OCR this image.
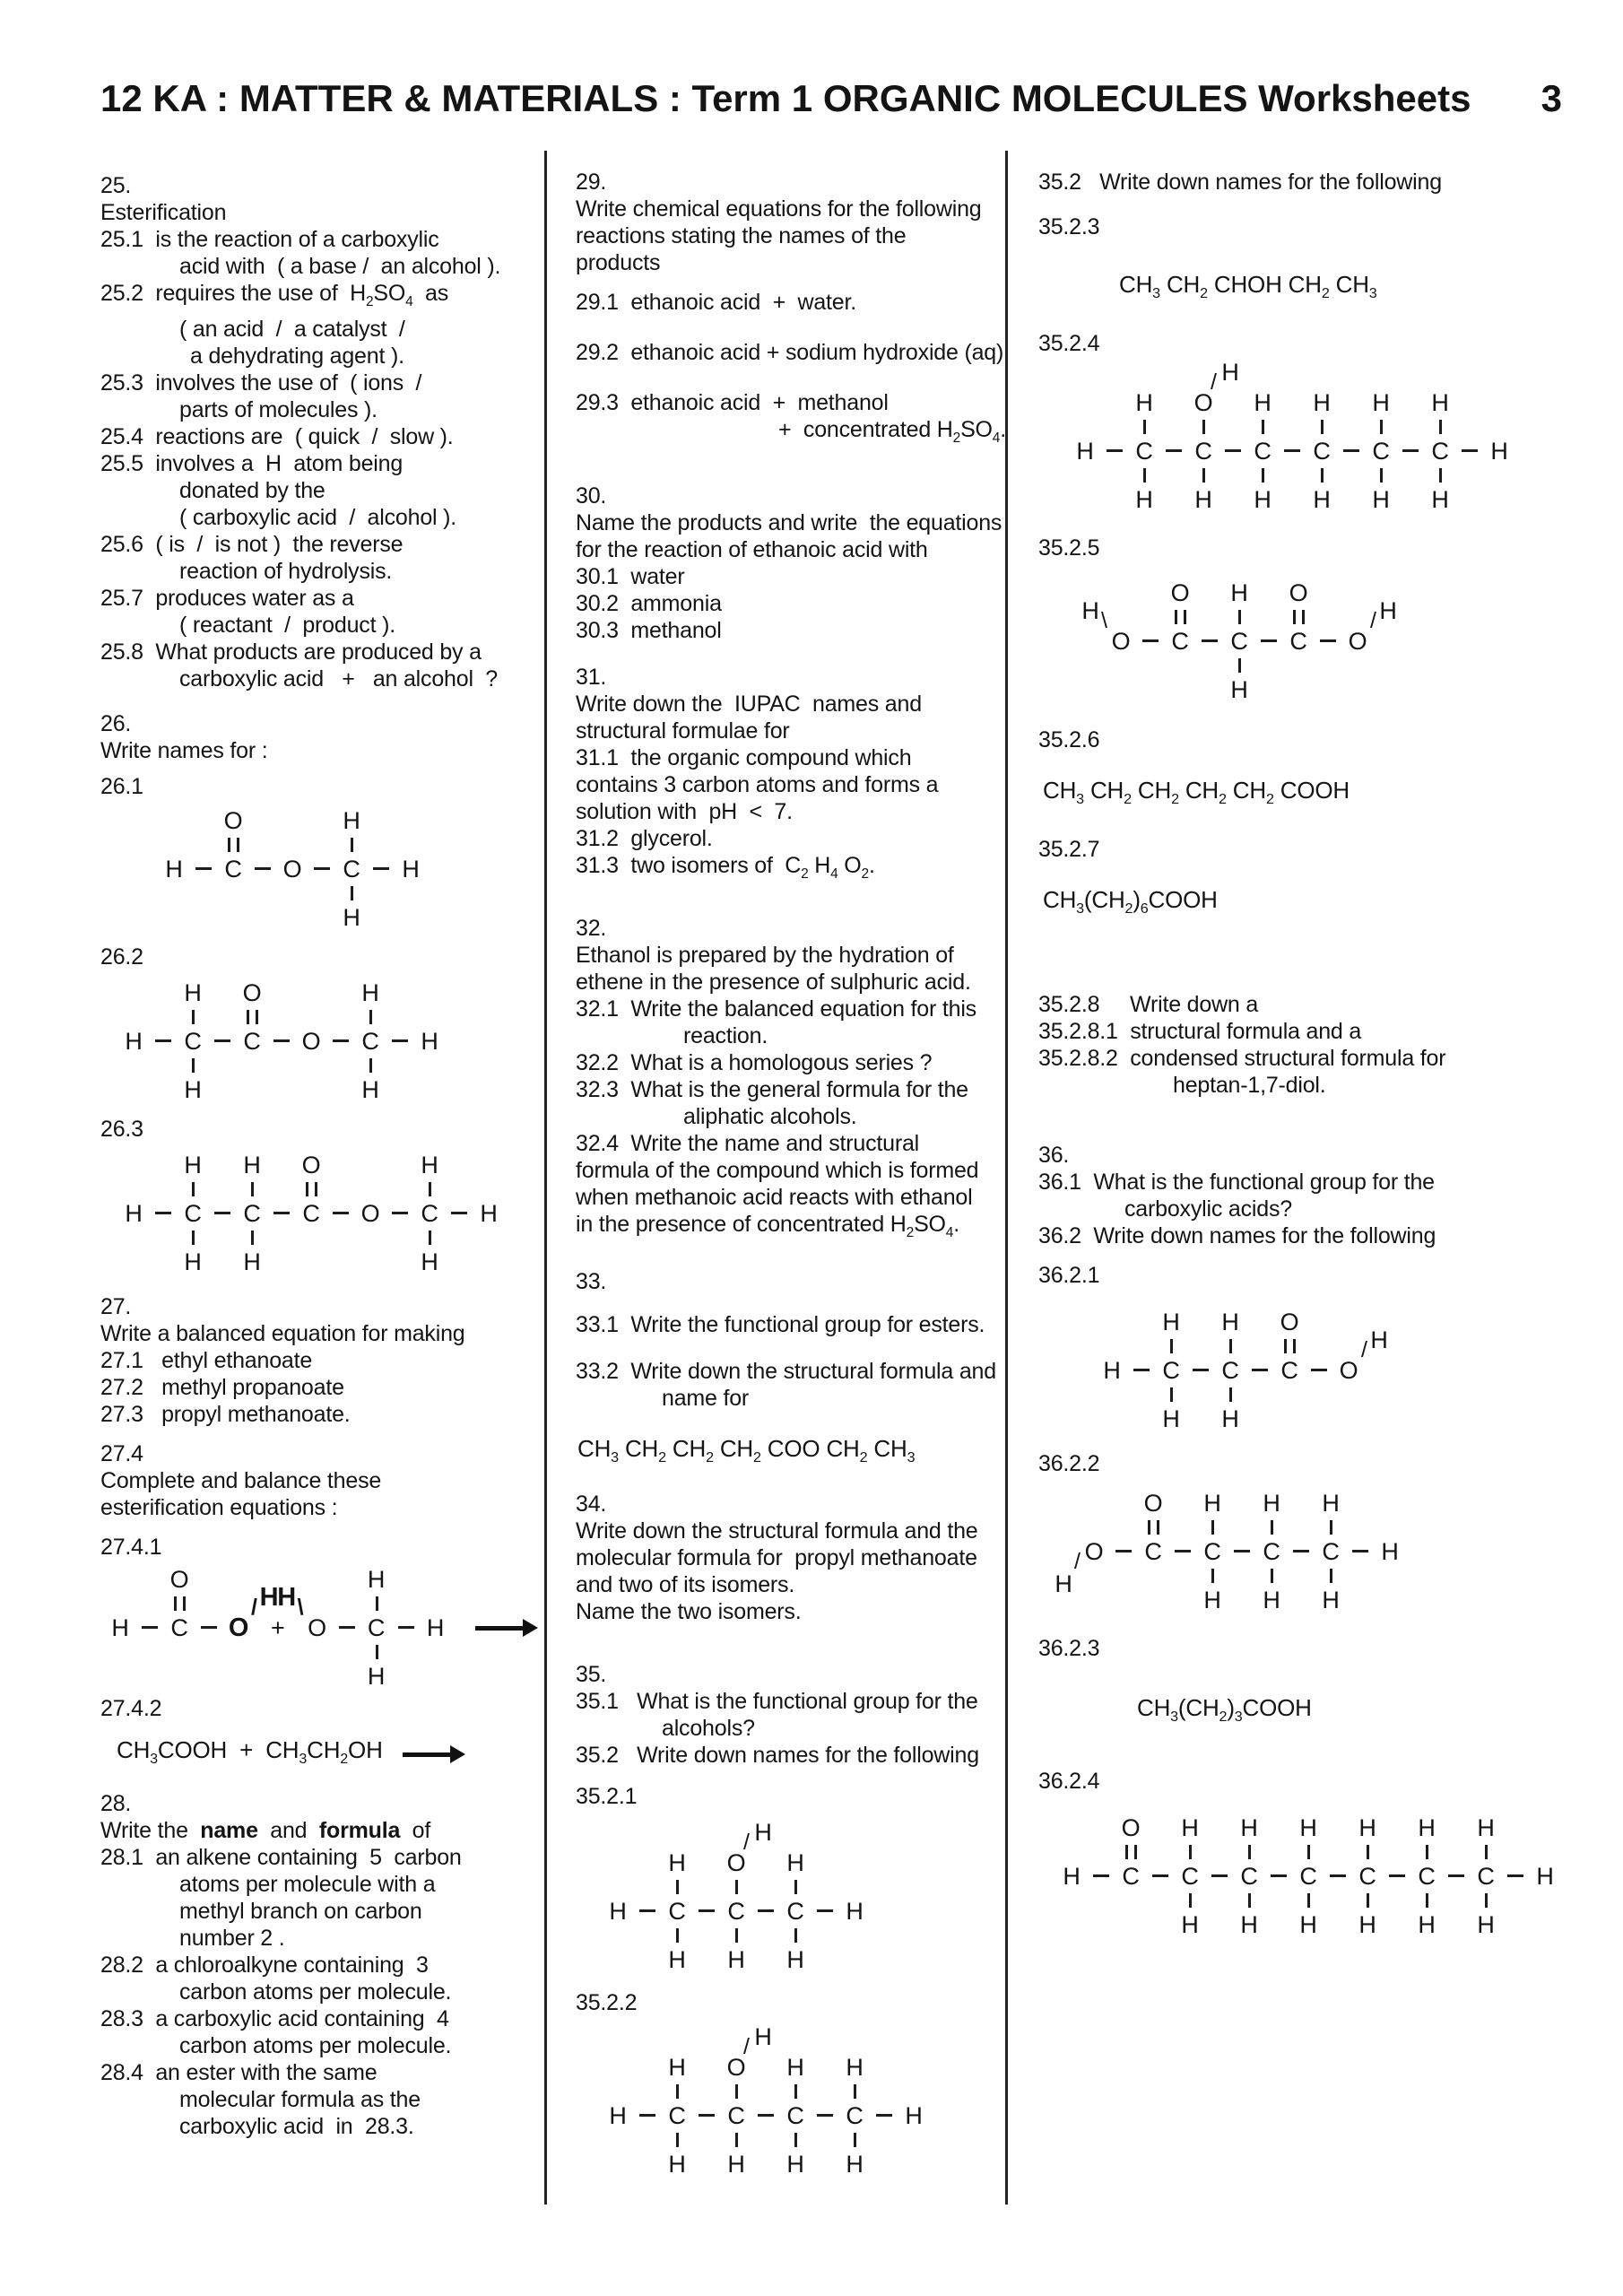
12 KA : MATTER & MATERIALS : Term 1 ORGANIC MOLECULES Worksheets 3
25.
Esterification
25.1  is the reaction of a carboxylic
acid with  ( a base /  an alcohol ).
25.2  requires the use of  $H_2SO_4$  as
( an acid  /  a catalyst  /
a dehydrating agent ).
25.3  involves the use of  ( ions  /
parts of molecules ).
25.4  reactions are  ( quick  /  slow ).
25.5  involves a  H  atom being
donated by the
( carboxylic acid  /  alcohol ).
25.6  ( is  /  is not )  the reverse
reaction of hydrolysis.
25.7  produces water as a
( reactant  /  product ).
25.8  What products are produced by a
carboxylic acid   +   an alcohol  ?
26.
Write names for :
26.1
H	C
O
O	C
H
H
H
26.2
H	C
H
H
C
O
O	C
H
H
H
26.3
H	C
H
H
C
H
H
C
O
O	C
H
H
H
27.
Write a balanced equation for making
27.1   ethyl ethanoate
27.2   methyl propanoate
27.3   propyl methanoate.
27.4
Complete and balance these
esterification equations :
27.4.1
H	C
O
O
H
/
+ O
H \
C
H
H
H
27.4.2
$CH_3COOH + CH_3CH_2OH$
28.
Write the  name  and  formula  of
28.1  an alkene containing  5  carbon
atoms per molecule with a
methyl branch on carbon
number 2 .
28.2  a chloroalkyne containing  3
carbon atoms per molecule.
28.3  a carboxylic acid containing  4
carbon atoms per molecule.
28.4  an ester with the same
molecular formula as the
carboxylic acid  in  28.3.
29.
Write chemical equations for the following
reactions stating the names of the
products
29.1  ethanoic acid  +  water.
29.2  ethanoic acid + sodium hydroxide (aq)
29.3  ethanoic acid  +  methanol
+  concentrated $H_2SO_4$.
30.
Name the products and write  the equations
for the reaction of ethanoic acid with
30.1  water
30.2  ammonia
30.3  methanol
31.
Write down the  IUPAC  names and
structural formulae for
31.1  the organic compound which
contains 3 carbon atoms and forms a
solution with  pH  <  7.
31.2  glycerol.
31.3  two isomers of  $C_2$ $H_4$ $O_2$.
32.
Ethanol is prepared by the hydration of
ethene in the presence of sulphuric acid.
32.1  Write the balanced equation for this
reaction.
32.2  What is a homologous series ?
32.3  What is the general formula for the
aliphatic alcohols.
32.4  Write the name and structural
formula of the compound which is formed
when methanoic acid reacts with ethanol
in the presence of concentrated $H_2SO_4$.
33.
33.1  Write the functional group for esters.
33.2  Write down the structural formula and
name for
$CH_3$ $CH_2$ $CH_2$ $CH_2$ COO $CH_2$ $CH_3$
34.
Write down the structural formula and the
molecular formula for  propyl methanoate
and two of its isomers.
Name the two isomers.
35.
35.1   What is the functional group for the
alcohols?
35.2   Write down names for the following
35.2.1
H	C
H
H
C
O
H
/
H
C
H
H
H
35.2.2
H	C
H
H
C
O
H
/
H
C
H
H
C
H
H
H
35.2   Write down names for the following
35.2.3
$CH_3$ $CH_2$ CHOH $CH_2$ $CH_3$
35.2.4
H	C
H
H
C
O
H
/
H
C
H
H
C
H
H
C
H
H
C
H
H
H
35.2.5
O
H \
C
O
C
H
H
C
O
O
H
/
35.2.6
$CH_3$ $CH_2$ $CH_2$ $CH_2$ $CH_2$ COOH
35.2.7
$CH_3(CH_2)_6COOH$
35.2.8     Write down a
35.2.8.1  structural formula and a
35.2.8.2  condensed structural formula for
heptan-1,7-diol.
36.
36.1  What is the functional group for the
carboxylic acids?
36.2  Write down names for the following
36.2.1
H	C
H
H
C
H
H
C
O
O
H
/
36.2.2
O
H
/	C
O
C
H
H
C
H
H
C
H
H
H
36.2.3
$CH_3(CH_2)_3COOH$
36.2.4
H	C
O
C
H
H
C
H
H
C
H
H
C
H
H
C
H
H
C
H
H
H
